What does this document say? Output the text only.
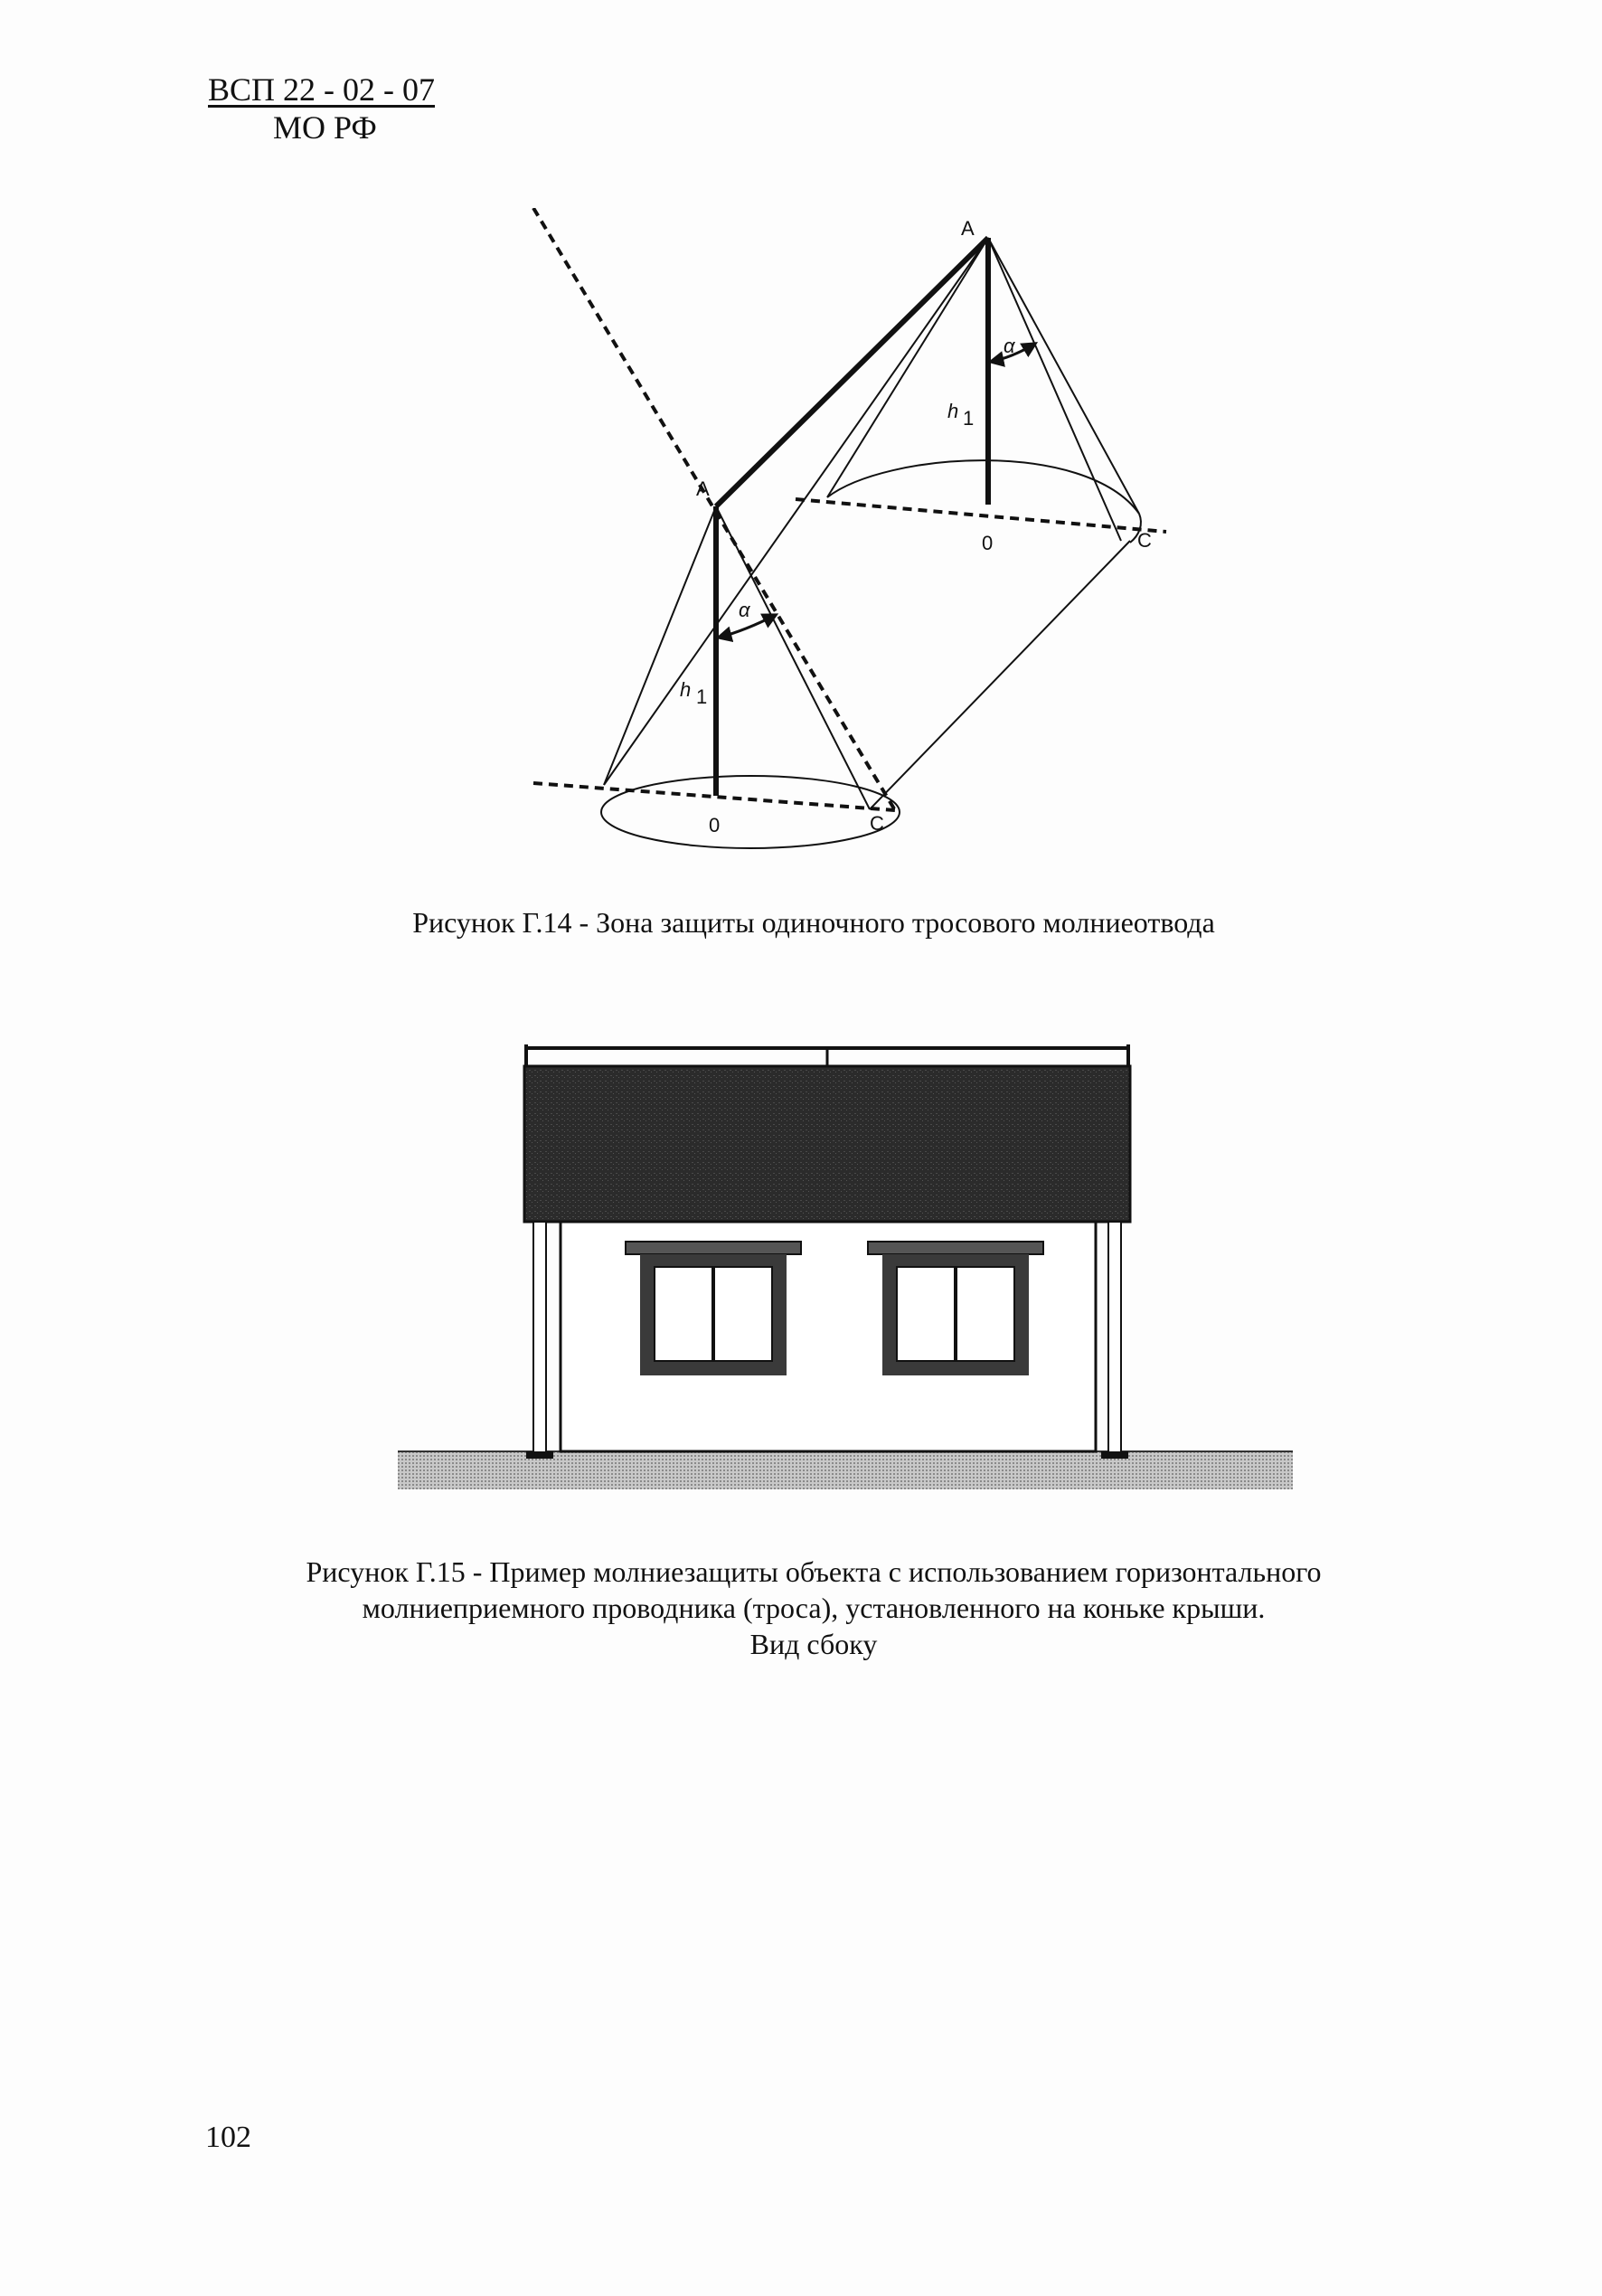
ВСП 22 - 02 - 07
МО РФ
A
A
α
α
h 1
h 1
0
0
C
C
Рисунок Г.14 - Зона защиты одиночного тросового молниеотвода
Рисунок Г.15 - Пример молниезащиты объекта с использованием горизонтального
молниеприемного проводника (троса), установленного на коньке крыши.
Вид сбоку
102
